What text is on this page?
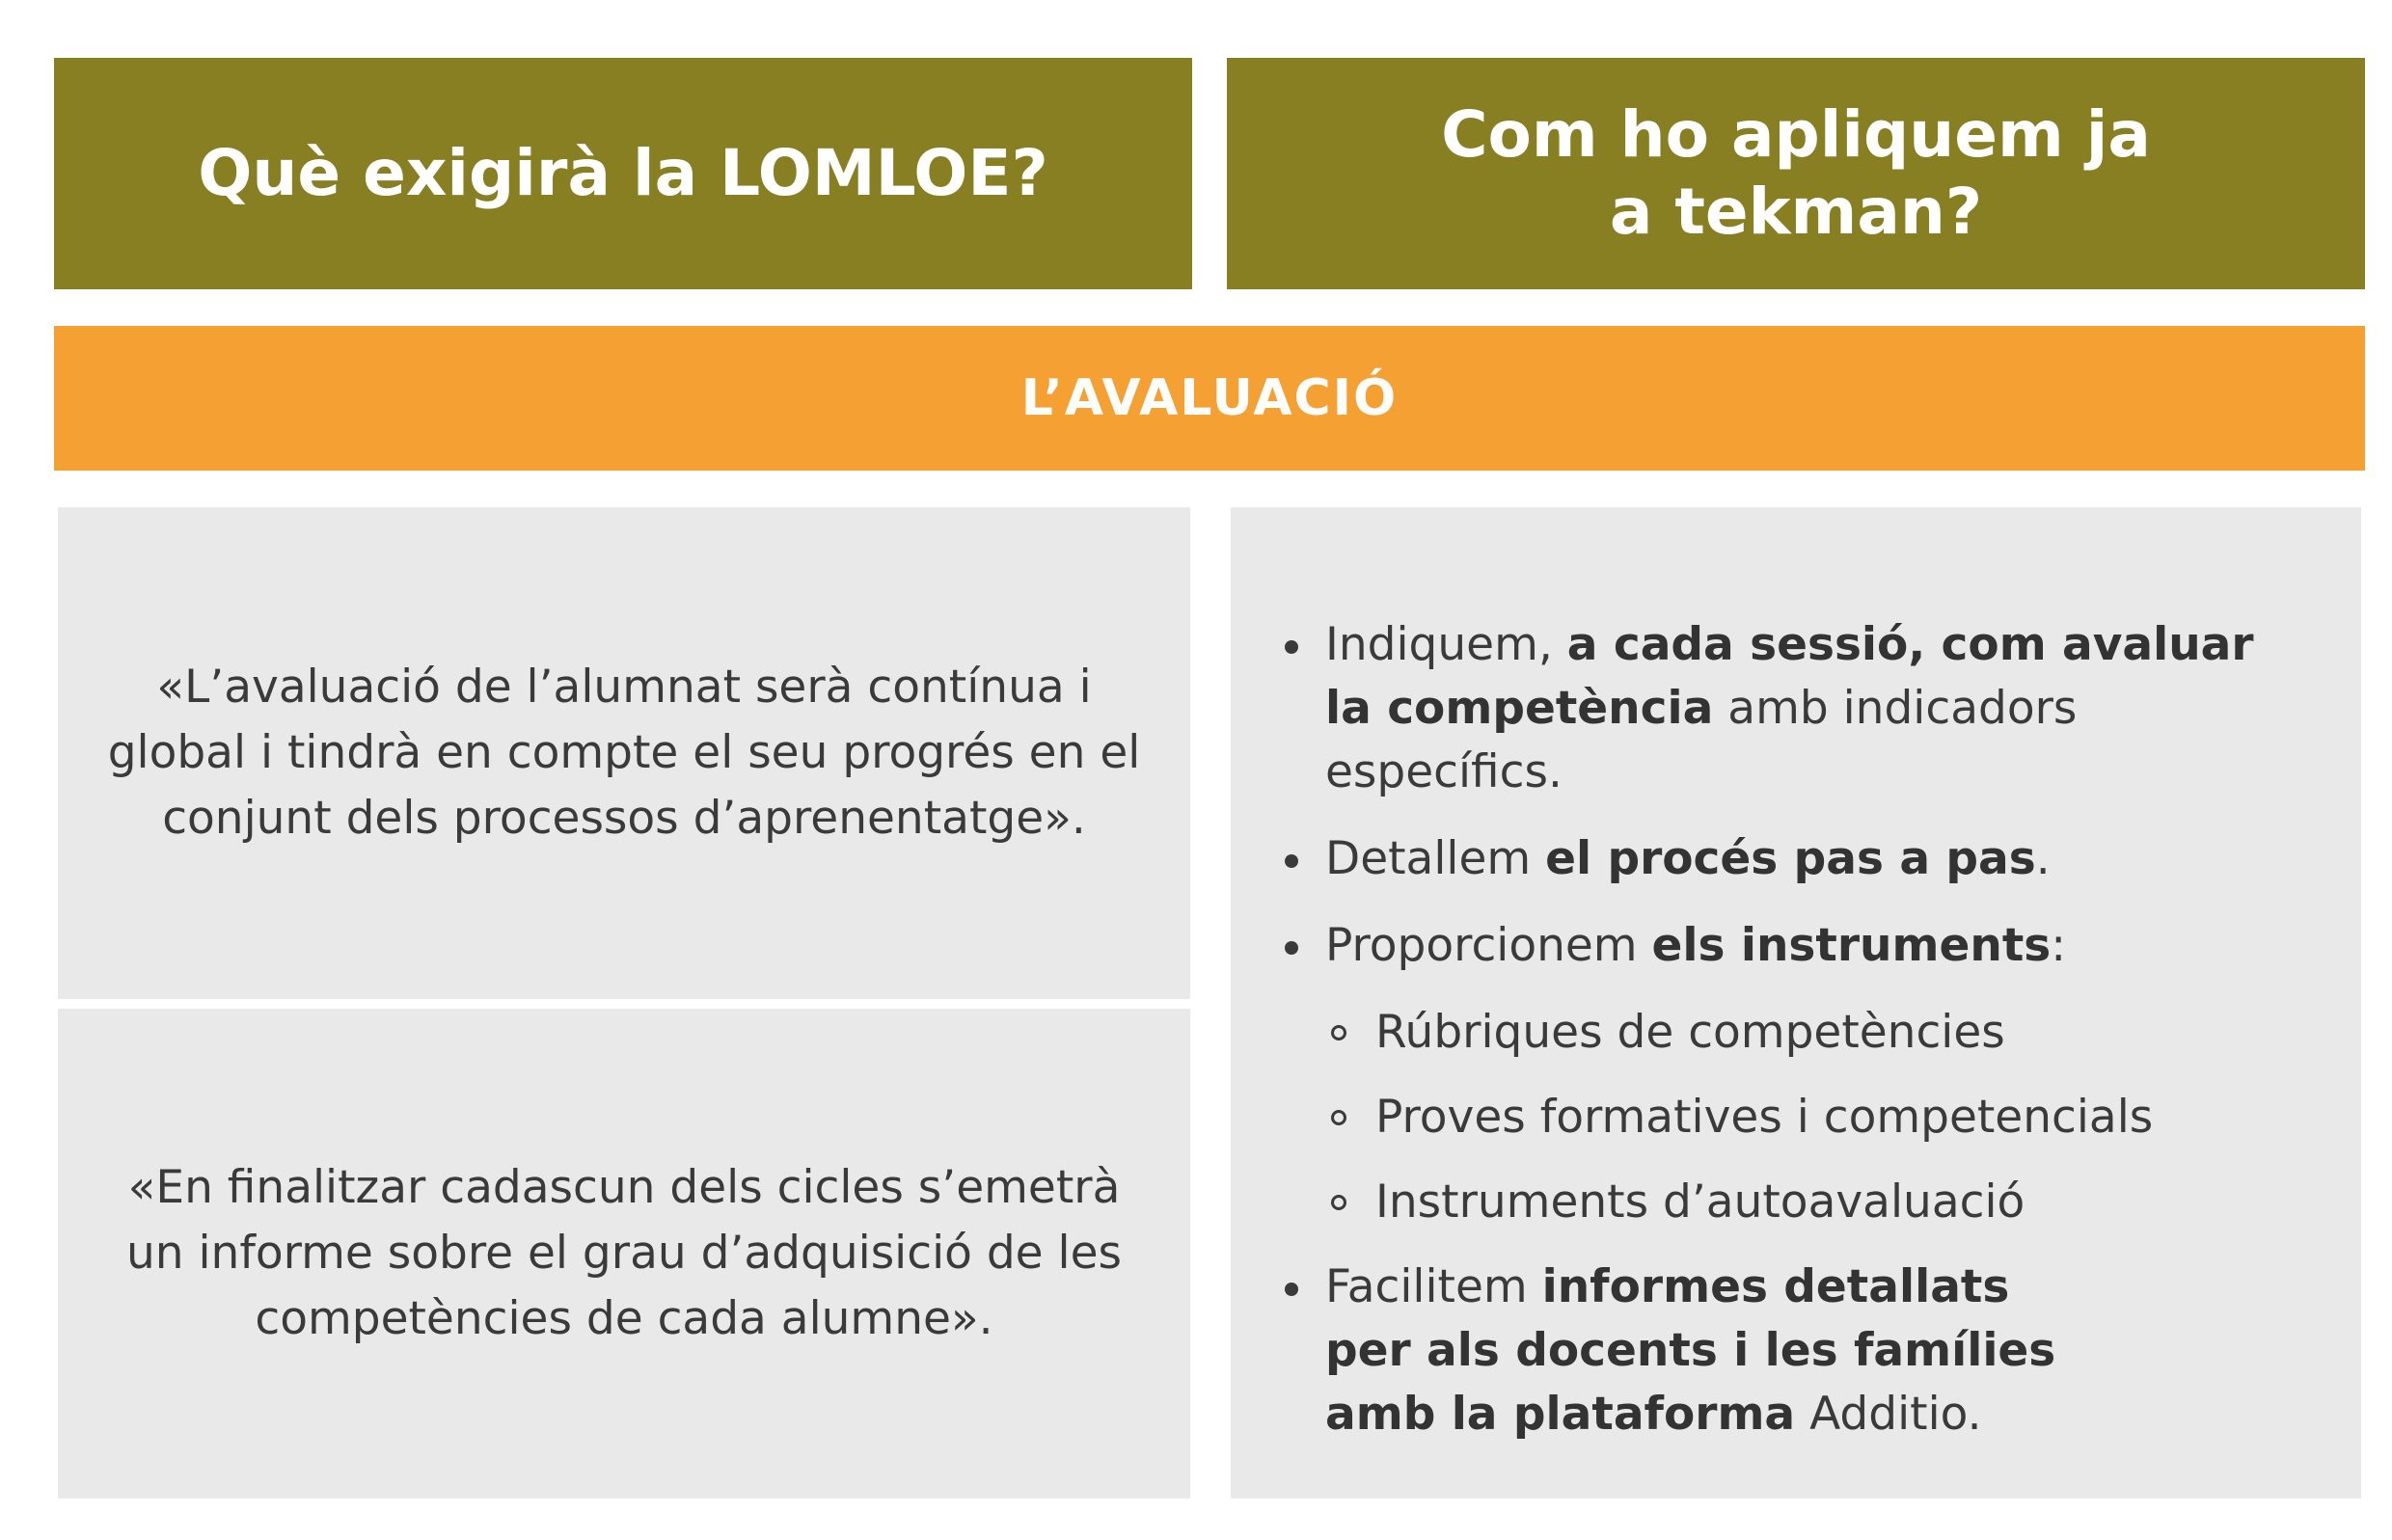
Què exigirà la LOMLOE?
Com ho apliquem ja
a tekman?
L’AVALUACIÓ
«L’avaluació de l’alumnat serà contínua i global i tindrà en compte el seu progrés en el conjunt dels processos d’aprenentatge».
«En finalitzar cadascun dels cicles s’emetrà un informe sobre el grau d’adquisició de les competències de cada alumne».
Indiquem, a cada sessió, com avaluar la competència amb indicadors específics.
Detallem el procés pas a pas.
Proporcionem els instruments:
Rúbriques de competències
Proves formatives i competencials
Instruments d’autoavaluació
Facilitem informes detallats per als docents i les famílies amb la plataforma Additio.
